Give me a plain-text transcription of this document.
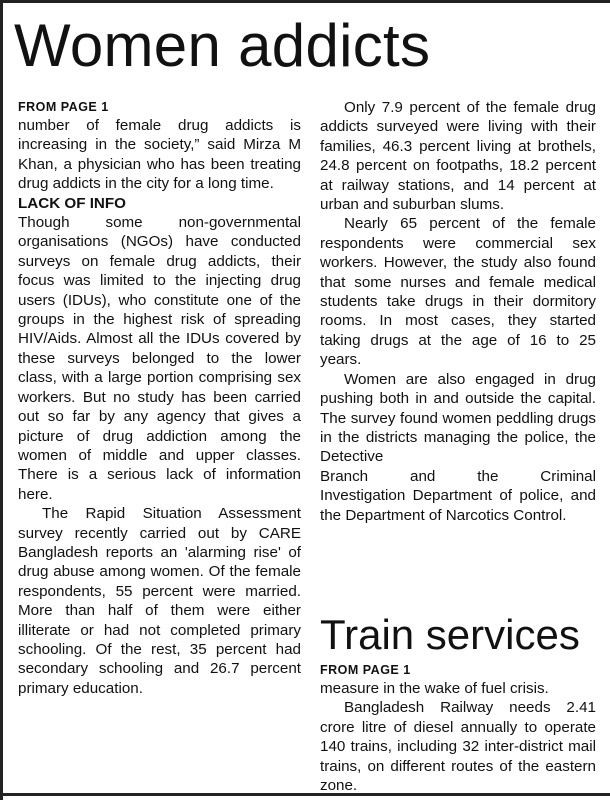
Women addicts
FROM PAGE 1

number of female drug addicts is increasing in the society,” said Mirza M Khan, a physician who has been treating drug addicts in the city for a long time.

LACK OF INFO

Though some non-governmental organisations (NGOs) have conducted surveys on female drug addicts, their focus was limited to the injecting drug users (IDUs), who constitute one of the groups in the highest risk of spreading HIV/Aids. Almost all the IDUs covered by these surveys belonged to the lower class, with a large portion comprising sex workers. But no study has been carried out so far by any agency that gives a picture of drug addiction among the women of middle and upper classes. There is a serious lack of information here.

The Rapid Situation Assessment survey recently carried out by CARE Bangladesh reports an 'alarming rise' of drug abuse among women. Of the female respondents, 55 percent were married. More than half of them were either illiterate or had not completed primary schooling. Of the rest, 35 percent had secondary schooling and 26.7 percent primary education.

Only 7.9 percent of the female drug addicts surveyed were living with their families, 46.3 percent living at brothels, 24.8 percent on footpaths, 18.2 percent at railway stations, and 14 percent at urban and suburban slums.

Nearly 65 percent of the female respondents were commercial sex workers. However, the study also found that some nurses and female medical students take drugs in their dormitory rooms. In most cases, they started taking drugs at the age of 16 to 25 years.

Women are also engaged in drug pushing both in and outside the capital. The survey found women peddling drugs in the districts managing the police, the Detective

Branch and the Criminal

Investigation Department of police, and the Department of Narcotics Control.

Train services
FROM PAGE 1

measure in the wake of fuel crisis.

Bangladesh Railway needs 2.41 crore litre of diesel annually to operate 140 trains, including 32 inter-district mail trains, on different routes of the eastern zone.
